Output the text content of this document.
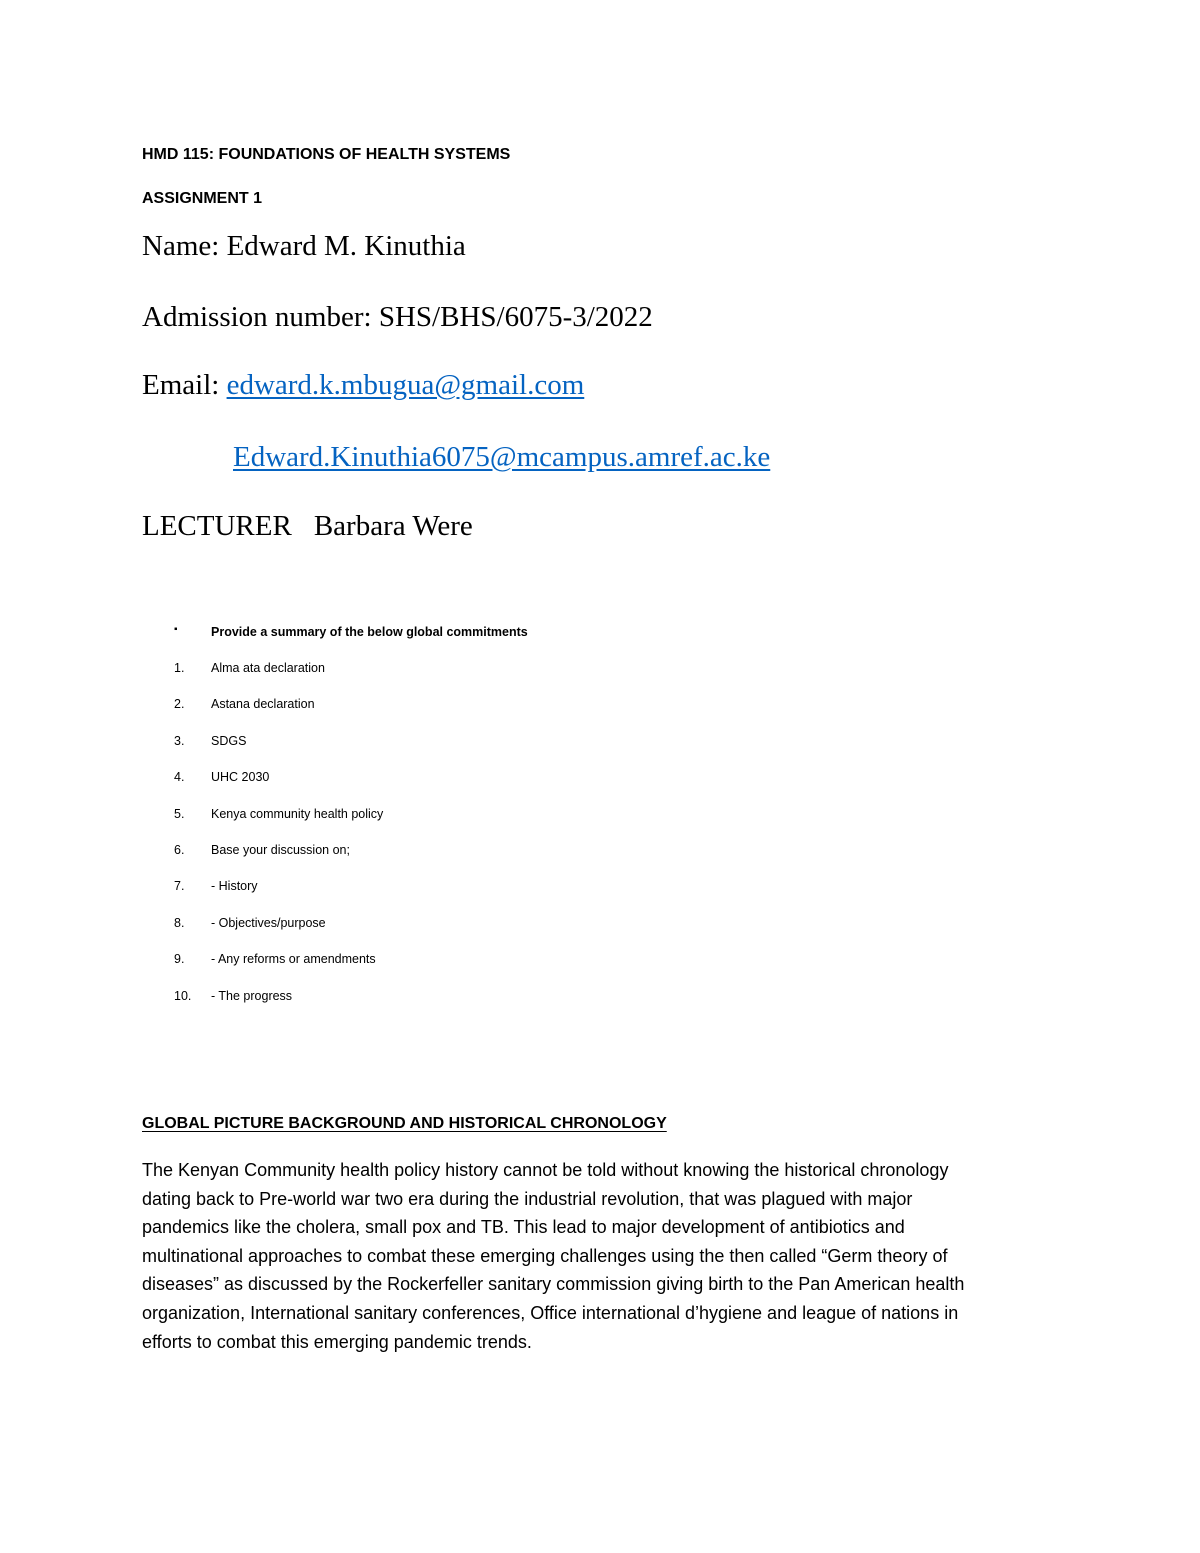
HMD 115: FOUNDATIONS OF HEALTH SYSTEMS
ASSIGNMENT 1
Name: Edward M. Kinuthia
Admission number: SHS/BHS/6075-3/2022
Email: edward.k.mbugua@gmail.com
Edward.Kinuthia6075@mcampus.amref.ac.ke
LECTURER Barbara Were
▪	Provide a summary of the below global commitments
1. Alma ata declaration
2. Astana declaration
3. SDGS
4. UHC 2030
5. Kenya community health policy
6. Base your discussion on;
7. - History
8. - Objectives/purpose
9. - Any reforms or amendments
10. - The progress
GLOBAL PICTURE BACKGROUND AND HISTORICAL CHRONOLOGY
The Kenyan Community health policy history cannot be told without knowing the historical chronology
dating back to Pre-world war two era during the industrial revolution, that was plagued with major
pandemics like the cholera, small pox and TB. This lead to major development of antibiotics and
multinational approaches to combat these emerging challenges using the then called “Germ theory of
diseases” as discussed by the Rockerfeller sanitary commission giving birth to the Pan American health
organization, International sanitary conferences, Office international d’hygiene and league of nations in
efforts to combat this emerging pandemic trends.
